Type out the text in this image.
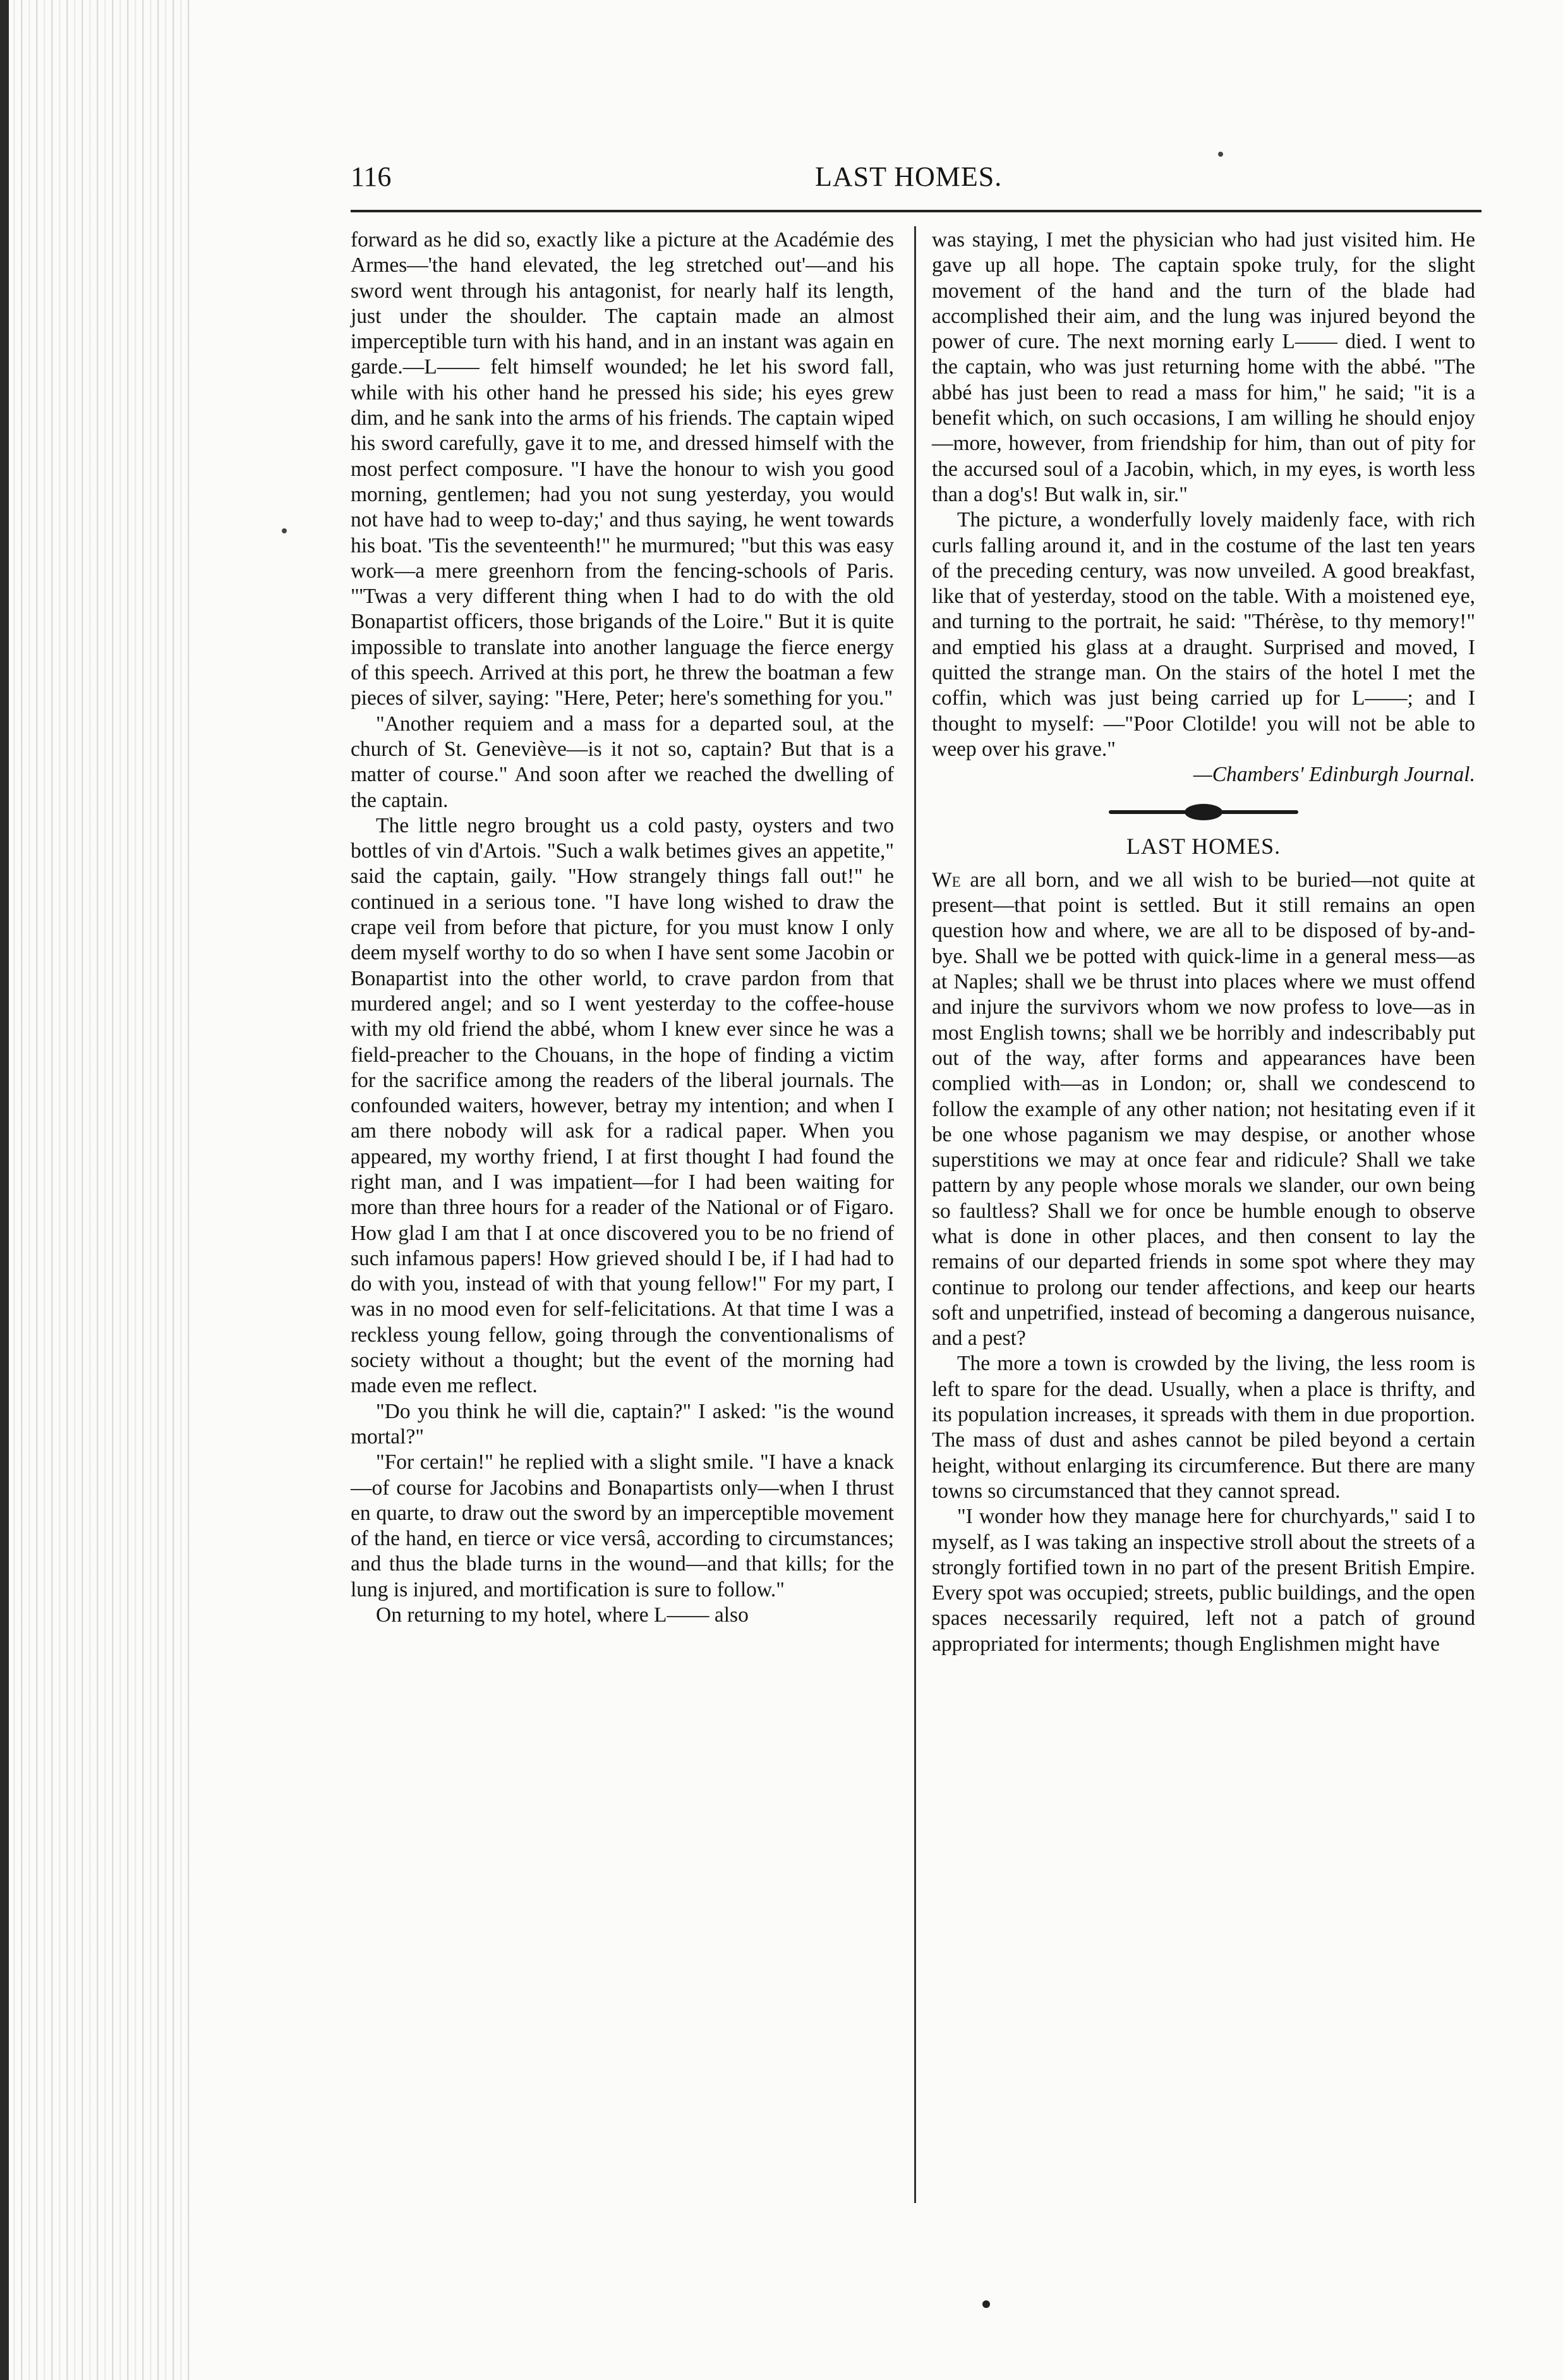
116	LAST HOMES.

forward as he did so, exactly like a picture at the Académie des Armes—'the hand elevated, the leg stretched out'—and his sword went through his antagonist, for nearly half its length, just under the shoulder. The captain made an almost imperceptible turn with his hand, and in an instant was again en garde.—L—— felt himself wounded; he let his sword fall, while with his other hand he pressed his side; his eyes grew dim, and he sank into the arms of his friends. The captain wiped his sword carefully, gave it to me, and dressed himself with the most perfect composure. "I have the honour to wish you good morning, gentlemen; had you not sung yesterday, you would not have had to weep to-day;' and thus saying, he went towards his boat. 'Tis the seventeenth!" he murmured; "but this was easy work—a mere greenhorn from the fencing-schools of Paris. "'Twas a very different thing when I had to do with the old Bonapartist officers, those brigands of the Loire." But it is quite impossible to translate into another language the fierce energy of this speech. Arrived at this port, he threw the boatman a few pieces of silver, saying: "Here, Peter; here's something for you."

"Another requiem and a mass for a departed soul, at the church of St. Geneviève—is it not so, captain? But that is a matter of course." And soon after we reached the dwelling of the captain.

The little negro brought us a cold pasty, oysters and two bottles of vin d'Artois. "Such a walk betimes gives an appetite," said the captain, gaily. "How strangely things fall out!" he continued in a serious tone. "I have long wished to draw the crape veil from before that picture, for you must know I only deem myself worthy to do so when I have sent some Jacobin or Bonapartist into the other world, to crave pardon from that murdered angel; and so I went yesterday to the coffee-house with my old friend the abbé, whom I knew ever since he was a field-preacher to the Chouans, in the hope of finding a victim for the sacrifice among the readers of the liberal journals. The confounded waiters, however, betray my intention; and when I am there nobody will ask for a radical paper. When you appeared, my worthy friend, I at first thought I had found the right man, and I was impatient—for I had been waiting for more than three hours for a reader of the National or of Figaro. How glad I am that I at once discovered you to be no friend of such infamous papers! How grieved should I be, if I had had to do with you, instead of with that young fellow!" For my part, I was in no mood even for self-felicitations. At that time I was a reckless young fellow, going through the conventionalisms of society without a thought; but the event of the morning had made even me reflect.

"Do you think he will die, captain?" I asked: "is the wound mortal?"

"For certain!" he replied with a slight smile. "I have a knack—of course for Jacobins and Bonapartists only—when I thrust en quarte, to draw out the sword by an imperceptible movement of the hand, en tierce or vice versâ, according to circumstances; and thus the blade turns in the wound—and that kills; for the lung is injured, and mortification is sure to follow."

On returning to my hotel, where L—— also

was staying, I met the physician who had just visited him. He gave up all hope. The captain spoke truly, for the slight movement of the hand and the turn of the blade had accomplished their aim, and the lung was injured beyond the power of cure. The next morning early L—— died. I went to the captain, who was just returning home with the abbé. "The abbé has just been to read a mass for him," he said; "it is a benefit which, on such occasions, I am willing he should enjoy—more, however, from friendship for him, than out of pity for the accursed soul of a Jacobin, which, in my eyes, is worth less than a dog's! But walk in, sir."

The picture, a wonderfully lovely maidenly face, with rich curls falling around it, and in the costume of the last ten years of the preceding century, was now unveiled. A good breakfast, like that of yesterday, stood on the table. With a moistened eye, and turning to the portrait, he said: "Thérèse, to thy memory!" and emptied his glass at a draught. Surprised and moved, I quitted the strange man. On the stairs of the hotel I met the coffin, which was just being carried up for L——; and I thought to myself: —"Poor Clotilde! you will not be able to weep over his grave."

—Chambers' Edinburgh Journal.

LAST HOMES.

We are all born, and we all wish to be buried—not quite at present—that point is settled. But it still remains an open question how and where, we are all to be disposed of by-and-bye. Shall we be potted with quick-lime in a general mess—as at Naples; shall we be thrust into places where we must offend and injure the survivors whom we now profess to love—as in most English towns; shall we be horribly and indescribably put out of the way, after forms and appearances have been complied with—as in London; or, shall we condescend to follow the example of any other nation; not hesitating even if it be one whose paganism we may despise, or another whose superstitions we may at once fear and ridicule? Shall we take pattern by any people whose morals we slander, our own being so faultless? Shall we for once be humble enough to observe what is done in other places, and then consent to lay the remains of our departed friends in some spot where they may continue to prolong our tender affections, and keep our hearts soft and unpetrified, instead of becoming a dangerous nuisance, and a pest?

The more a town is crowded by the living, the less room is left to spare for the dead. Usually, when a place is thrifty, and its population increases, it spreads with them in due proportion. The mass of dust and ashes cannot be piled beyond a certain height, without enlarging its circumference. But there are many towns so circumstanced that they cannot spread.

"I wonder how they manage here for churchyards," said I to myself, as I was taking an inspective stroll about the streets of a strongly fortified town in no part of the present British Empire. Every spot was occupied; streets, public buildings, and the open spaces necessarily required, left not a patch of ground appropriated for interments; though Englishmen might have
